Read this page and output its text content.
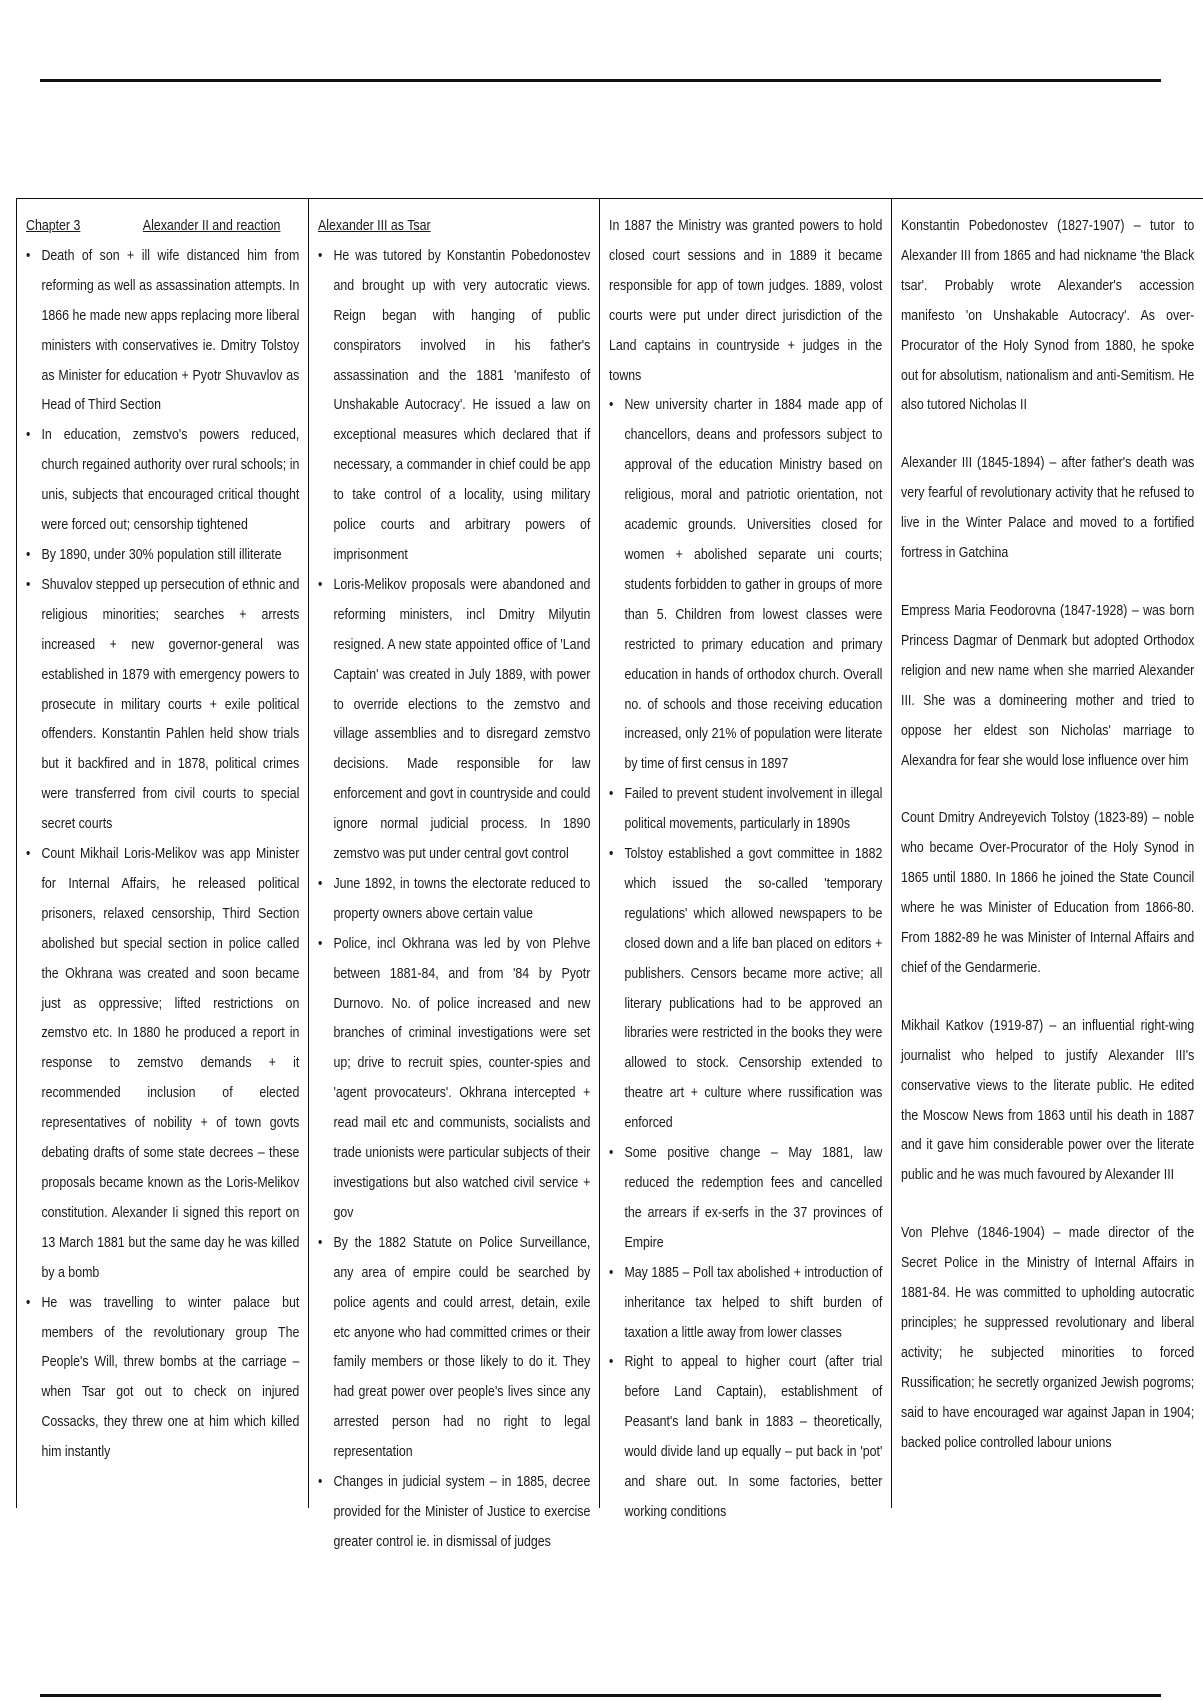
Chapter 3	Alexander II and reaction
• Death of son + ill wife distanced him from reforming as well as assassination attempts. In 1866 he made new apps replacing more liberal ministers with conservatives ie. Dmitry Tolstoy as Minister for education + Pyotr Shuvavlov as Head of Third Section
• In education, zemstvo's powers reduced, church regained authority over rural schools; in unis, subjects that encouraged critical thought were forced out; censorship tightened
• By 1890, under 30% population still illiterate
• Shuvalov stepped up persecution of ethnic and religious minorities; searches + arrests increased + new governor-general was established in 1879 with emergency powers to prosecute in military courts + exile political offenders. Konstantin Pahlen held show trials but it backfired and in 1878, political crimes were transferred from civil courts to special secret courts
• Count Mikhail Loris-Melikov was app Minister for Internal Affairs, he released political prisoners, relaxed censorship, Third Section abolished but special section in police called the Okhrana was created and soon became just as oppressive; lifted restrictions on zemstvo etc. In 1880 he produced a report in response to zemstvo demands + it recommended inclusion of elected representatives of nobility + of town govts debating drafts of some state decrees – these proposals became known as the Loris-Melikov constitution. Alexander Ii signed this report on 13 March 1881 but the same day he was killed by a bomb
• He was travelling to winter palace but members of the revolutionary group The People's Will, threw bombs at the carriage – when Tsar got out to check on injured Cossacks, they threw one at him which killed him instantly
Alexander III as Tsar
• He was tutored by Konstantin Pobedonostev and brought up with very autocratic views. Reign began with hanging of public conspirators involved in his father's assassination and the 1881 'manifesto of Unshakable Autocracy'. He issued a law on exceptional measures which declared that if necessary, a commander in chief could be app to take control of a locality, using military police courts and arbitrary powers of imprisonment
• Loris-Melikov proposals were abandoned and reforming ministers, incl Dmitry Milyutin resigned. A new state appointed office of 'Land Captain' was created in July 1889, with power to override elections to the zemstvo and village assemblies and to disregard zemstvo decisions. Made responsible for law enforcement and govt in countryside and could ignore normal judicial process. In 1890 zemstvo was put under central govt control
• June 1892, in towns the electorate reduced to property owners above certain value
• Police, incl Okhrana was led by von Plehve between 1881-84, and from '84 by Pyotr Durnovo. No. of police increased and new branches of criminal investigations were set up; drive to recruit spies, counter-spies and 'agent provocateurs'. Okhrana intercepted + read mail etc and communists, socialists and trade unionists were particular subjects of their investigations but also watched civil service + gov
• By the 1882 Statute on Police Surveillance, any area of empire could be searched by police agents and could arrest, detain, exile etc anyone who had committed crimes or their family members or those likely to do it. They had great power over people's lives since any arrested person had no right to legal representation
• Changes in judicial system – in 1885, decree provided for the Minister of Justice to exercise greater control ie. in dismissal of judges

In 1887 the Ministry was granted powers to hold closed court sessions and in 1889 it became responsible for app of town judges. 1889, volost courts were put under direct jurisdiction of the Land captains in countryside + judges in the towns

• New university charter in 1884 made app of chancellors, deans and professors subject to approval of the education Ministry based on religious, moral and patriotic orientation, not academic grounds. Universities closed for women + abolished separate uni courts; students forbidden to gather in groups of more than 5. Children from lowest classes were restricted to primary education and primary education in hands of orthodox church. Overall no. of schools and those receiving education increased, only 21% of population were literate by time of first census in 1897
• Failed to prevent student involvement in illegal political movements, particularly in 1890s
• Tolstoy established a govt committee in 1882 which issued the so-called 'temporary regulations' which allowed newspapers to be closed down and a life ban placed on editors + publishers. Censors became more active; all literary publications had to be approved an libraries were restricted in the books they were allowed to stock. Censorship extended to theatre art + culture where russification was enforced
• Some positive change – May 1881, law reduced the redemption fees and cancelled the arrears if ex-serfs in the 37 provinces of Empire
• May 1885 – Poll tax abolished + introduction of inheritance tax helped to shift burden of taxation a little away from lower classes
• Right to appeal to higher court (after trial before Land Captain), establishment of Peasant's land bank in 1883 – theoretically, would divide land up equally – put back in 'pot' and share out. In some factories, better working conditions

Konstantin Pobedonostev (1827-1907) – tutor to Alexander III from 1865 and had nickname 'the Black tsar'. Probably wrote Alexander's accession manifesto 'on Unshakable Autocracy'. As over-Procurator of the Holy Synod from 1880, he spoke out for absolutism, nationalism and anti-Semitism. He also tutored Nicholas II

Alexander III (1845-1894) – after father's death was very fearful of revolutionary activity that he refused to live in the Winter Palace and moved to a fortified fortress in Gatchina

Empress Maria Feodorovna (1847-1928) – was born Princess Dagmar of Denmark but adopted Orthodox religion and new name when she married Alexander III. She was a domineering mother and tried to oppose her eldest son Nicholas' marriage to Alexandra for fear she would lose influence over him

Count Dmitry Andreyevich Tolstoy (1823-89) – noble who became Over-Procurator of the Holy Synod in 1865 until 1880. In 1866 he joined the State Council where he was Minister of Education from 1866-80. From 1882-89 he was Minister of Internal Affairs and chief of the Gendarmerie.

Mikhail Katkov (1919-87) – an influential right-wing journalist who helped to justify Alexander III's conservative views to the literate public. He edited the Moscow News from 1863 until his death in 1887 and it gave him considerable power over the literate public and he was much favoured by Alexander III

Von Plehve (1846-1904) – made director of the Secret Police in the Ministry of Internal Affairs in 1881-84. He was committed to upholding autocratic principles; he suppressed revolutionary and liberal activity; he subjected minorities to forced Russification; he secretly organized Jewish pogroms; said to have encouraged war against Japan in 1904; backed police controlled labour unions
